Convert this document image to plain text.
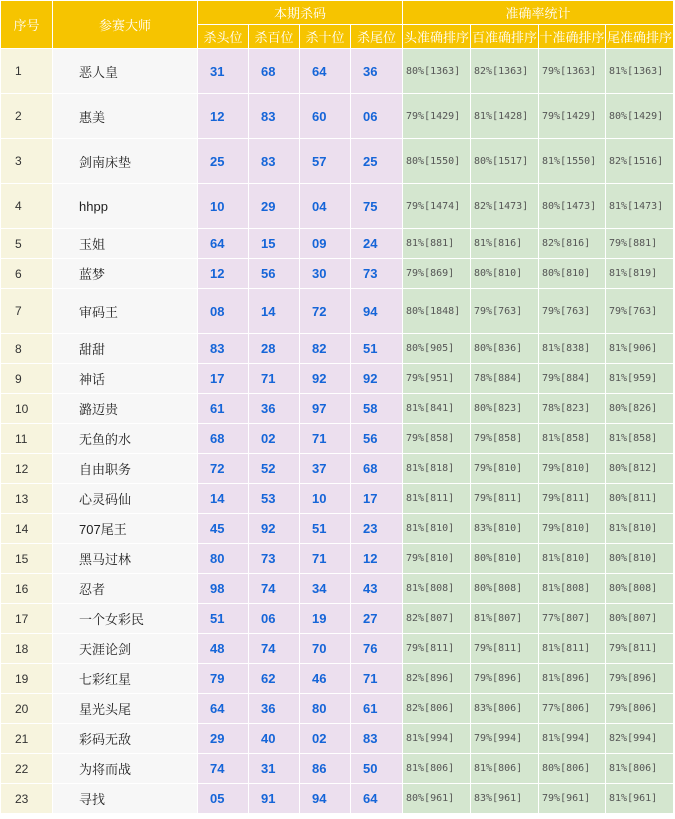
序号	参赛大师	本期杀码				准确率统计			
		杀头位	杀百位	杀十位	杀尾位	头准确排序	百准确排序	十准确排序	尾准确排序
1	恶人皇	31	68	64	36	80%[1363]	82%[1363]	79%[1363]	81%[1363]
2	惠美	12	83	60	06	79%[1429]	81%[1428]	79%[1429]	80%[1429]
3	剑南床垫	25	83	57	25	80%[1550]	80%[1517]	81%[1550]	82%[1516]
4	hhpp	10	29	04	75	79%[1474]	82%[1473]	80%[1473]	81%[1473]
5	玉姐	64	15	09	24	81%[881]	81%[816]	82%[816]	79%[881]
6	蓝梦	12	56	30	73	79%[869]	80%[810]	80%[810]	81%[819]
7	审码王	08	14	72	94	80%[1848]	79%[763]	79%[763]	79%[763]
8	甜甜	83	28	82	51	80%[905]	80%[836]	81%[838]	81%[906]
9	神话	17	71	92	92	79%[951]	78%[884]	79%[884]	81%[959]
10	潞迈贵	61	36	97	58	81%[841]	80%[823]	78%[823]	80%[826]
11	无鱼的水	68	02	71	56	79%[858]	79%[858]	81%[858]	81%[858]
12	自由职务	72	52	37	68	81%[818]	79%[810]	79%[810]	80%[812]
13	心灵码仙	14	53	10	17	81%[811]	79%[811]	79%[811]	80%[811]
14	707尾王	45	92	51	23	81%[810]	83%[810]	79%[810]	81%[810]
15	黑马过林	80	73	71	12	79%[810]	80%[810]	81%[810]	80%[810]
16	忍者	98	74	34	43	81%[808]	80%[808]	81%[808]	80%[808]
17	一个女彩民	51	06	19	27	82%[807]	81%[807]	77%[807]	80%[807]
18	天涯论剑	48	74	70	76	79%[811]	79%[811]	81%[811]	79%[811]
19	七彩红星	79	62	46	71	82%[896]	79%[896]	81%[896]	79%[896]
20	星光头尾	64	36	80	61	82%[806]	83%[806]	77%[806]	79%[806]
21	彩码无敌	29	40	02	83	81%[994]	79%[994]	81%[994]	82%[994]
22	为将而战	74	31	86	50	81%[806]	81%[806]	80%[806]	81%[806]
23	寻找	05	91	94	64	80%[961]	83%[961]	79%[961]	81%[961]
